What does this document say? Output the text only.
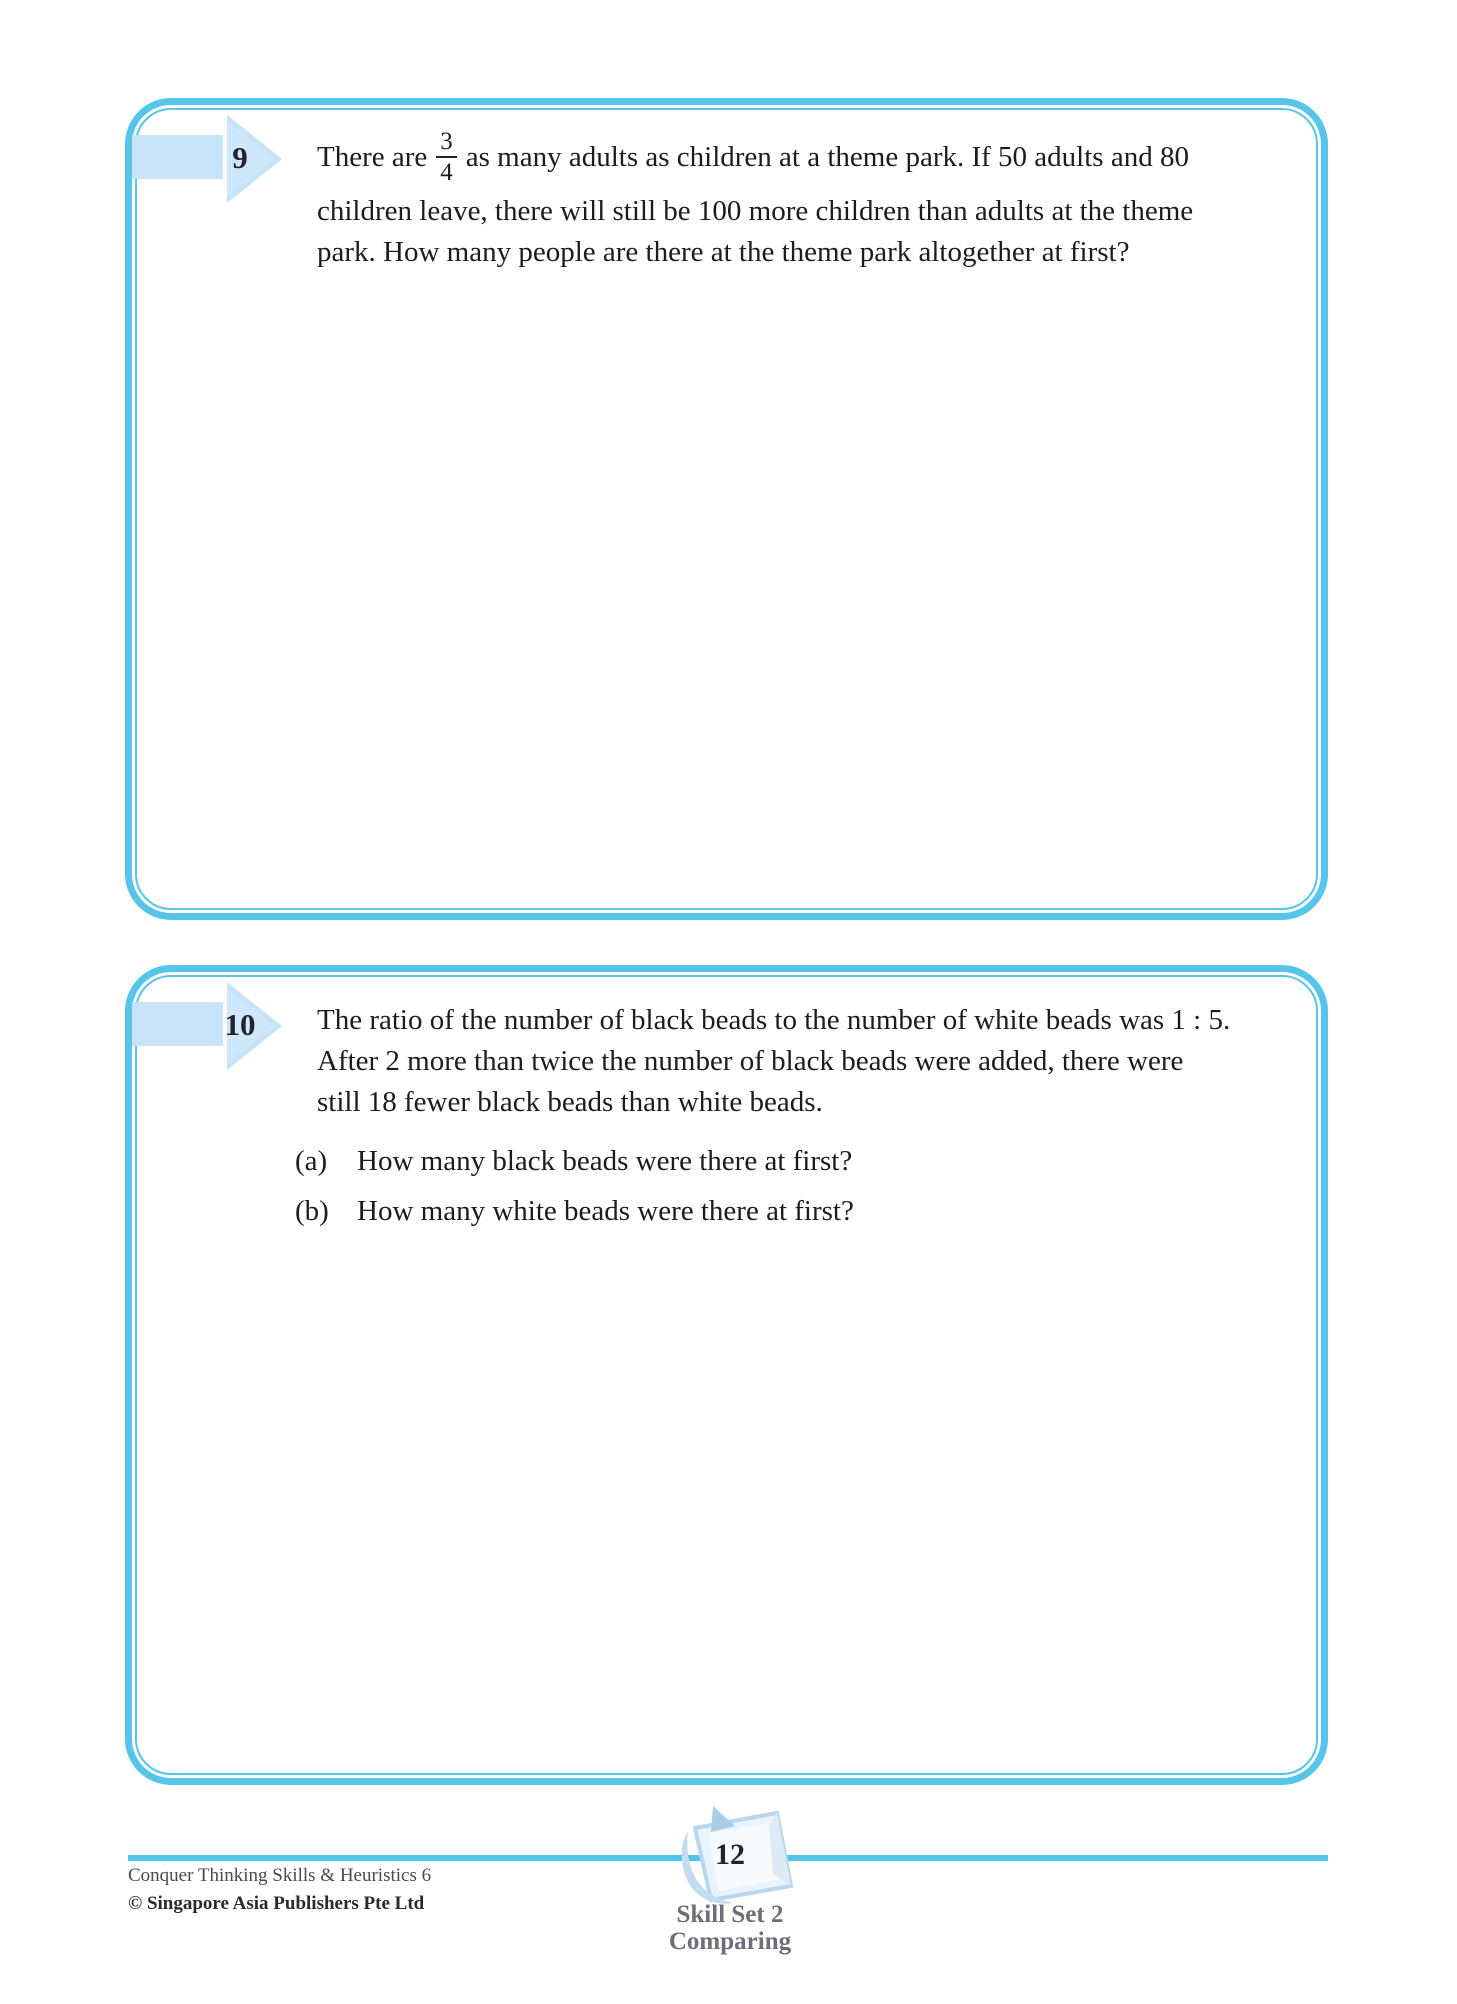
9	There are $\frac{3}{4}$ as many adults as children at a theme park. If 50 adults and 80
children leave, there will still be 100 more children than adults at the theme
park. How many people are there at the theme park altogether at first?
10	The ratio of the number of black beads to the number of white beads was 1 : 5.
After 2 more than twice the number of black beads were added, there were
still 18 fewer black beads than white beads.
(a) How many black beads were there at first?
(b) How many white beads were there at first?
Conquer Thinking Skills & Heuristics 6
© Singapore Asia Publishers Pte Ltd
12
Skill Set 2
Comparing
